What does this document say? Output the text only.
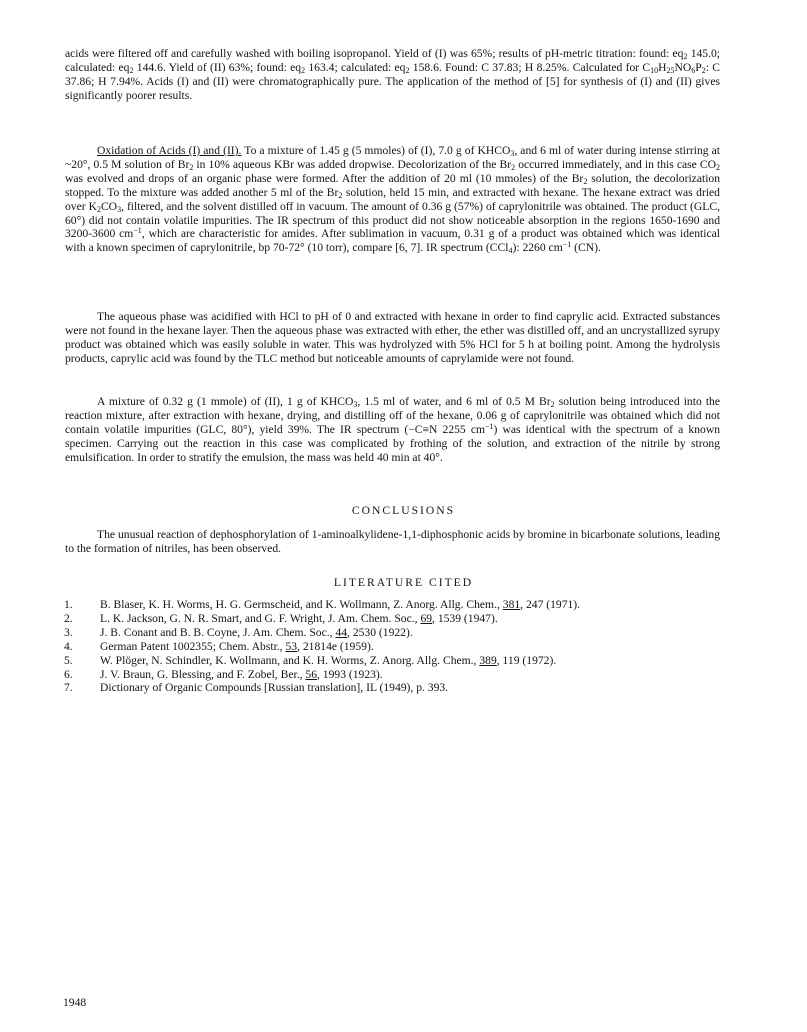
acids were filtered off and carefully washed with boiling isopropanol. Yield of (I) was 65%; results of pH-metric titration: found: $eq_2$ 145.0; calculated: $eq_2$ 144.6. Yield of (II) 63%; found: $eq_2$ 163.4; calculated: $eq_2$ 158.6. Found: C 37.83; H 8.25%. Calculated for $C_{10}H_{25}NO_6P_2$: C 37.86; H 7.94%. Acids (I) and (II) were chromatographically pure. The application of the method of [5] for synthesis of (I) and (II) gives significantly poorer results.

Oxidation of Acids (I) and (II). To a mixture of 1.45 g (5 mmoles) of (I), 7.0 g of $KHCO_3$, and 6 ml of water during intense stirring at ~20°, 0.5 M solution of $Br_2$ in 10% aqueous KBr was added dropwise. Decolorization of the $Br_2$ occurred immediately, and in this case $CO_2$ was evolved and drops of an organic phase were formed. After the addition of 20 ml (10 mmoles) of the $Br_2$ solution, the decolorization stopped. To the mixture was added another 5 ml of the $Br_2$ solution, held 15 min, and extracted with hexane. The hexane extract was dried over $K_2CO_3$, filtered, and the solvent distilled off in vacuum. The amount of 0.36 g (57%) of caprylonitrile was obtained. The product (GLC, 60°) did not contain volatile impurities. The IR spectrum of this product did not show noticeable absorption in the regions 1650-1690 and 3200-3600 $cm^{-1}$, which are characteristic for amides. After sublimation in vacuum, 0.31 g of a product was obtained which was identical with a known specimen of caprylonitrile, bp 70-72° (10 torr), compare [6, 7]. IR spectrum (CCl$_4$): 2260 $cm^{-1}$ (CN).

The aqueous phase was acidified with HCl to pH of 0 and extracted with hexane in order to find caprylic acid. Extracted substances were not found in the hexane layer. Then the aqueous phase was extracted with ether, the ether was distilled off, and an uncrystallized syrupy product was obtained which was easily soluble in water. This was hydrolyzed with 5% HCl for 5 h at boiling point. Among the hydrolysis products, caprylic acid was found by the TLC method but noticeable amounts of caprylamide were not found.

A mixture of 0.32 g (1 mmole) of (II), 1 g of $KHCO_3$, 1.5 ml of water, and 6 ml of 0.5 M $Br_2$ solution being introduced into the reaction mixture, after extraction with hexane, drying, and distilling off of the hexane, 0.06 g of caprylonitrile was obtained which did not contain volatile impurities (GLC, 80°), yield 39%. The IR spectrum (−C≡N 2255 $cm^{-1}$) was identical with the spectrum of a known specimen. Carrying out the reaction in this case was complicated by frothing of the solution, and extraction of the nitrile by strong emulsification. In order to stratify the emulsion, the mass was held 40 min at 40°.

CONCLUSIONS

The unusual reaction of dephosphorylation of 1-aminoalkylidene-1,1-diphosphonic acids by bromine in bicarbonate solutions, leading to the formation of nitriles, has been observed.

LITERATURE CITED

1.	B. Blaser, K. H. Worms, H. G. Germscheid, and K. Wollmann, Z. Anorg. Allg. Chem., 381, 247 (1971).
2.	L. K. Jackson, G. N. R. Smart, and G. F. Wright, J. Am. Chem. Soc., 69, 1539 (1947).
3.	J. B. Conant and B. B. Coyne, J. Am. Chem. Soc., 44, 2530 (1922).
4.	German Patent 1002355; Chem. Abstr., 53, 21814e (1959).
5.	W. Plöger, N. Schindler, K. Wollmann, and K. H. Worms, Z. Anorg. Allg. Chem., 389, 119 (1972).
6.	J. V. Braun, G. Blessing, and F. Zobel, Ber., 56, 1993 (1923).
7.	Dictionary of Organic Compounds [Russian translation], IL (1949), p. 393.
1948
